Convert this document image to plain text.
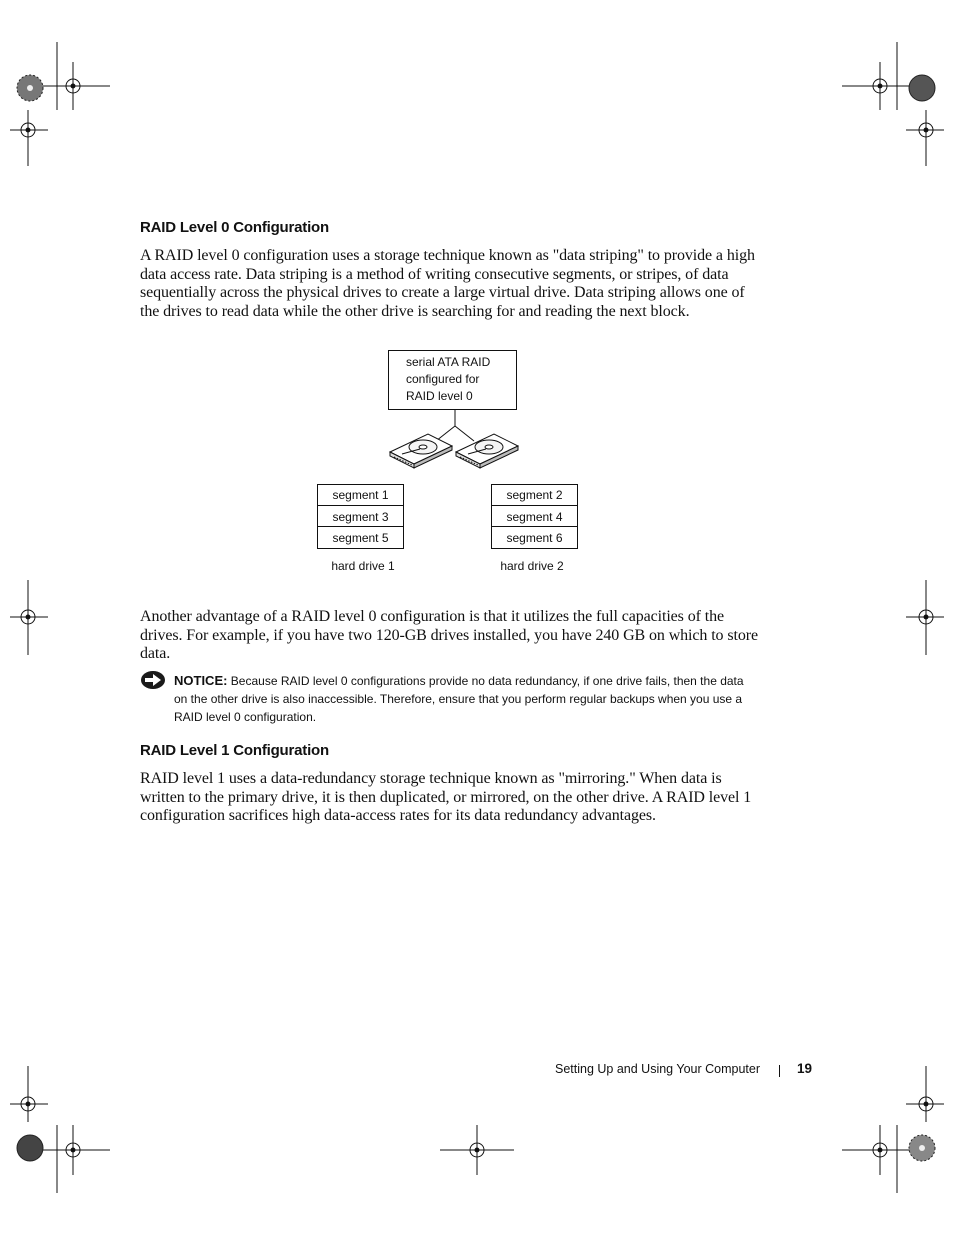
RAID Level 0 Configuration

A RAID level 0 configuration uses a storage technique known as "data striping" to provide a high data access rate. Data striping is a method of writing consecutive segments, or stripes, of data sequentially across the physical drives to create a large virtual drive. Data striping allows one of the drives to read data while the other drive is searching for and reading the next block.

serial ATA RAID
configured for
RAID level 0
segment 1
segment 3
segment 5
hard drive 1
segment 2
segment 4
segment 6
hard drive 2

Another advantage of a RAID level 0 configuration is that it utilizes the full capacities of the drives. For example, if you have two 120-GB drives installed, you have 240 GB on which to store data.

NOTICE: Because RAID level 0 configurations provide no data redundancy, if one drive fails, then the data on the other drive is also inaccessible. Therefore, ensure that you perform regular backups when you use a RAID level 0 configuration.

RAID Level 1 Configuration

RAID level 1 uses a data-redundancy storage technique known as "mirroring." When data is written to the primary drive, it is then duplicated, or mirrored, on the other drive. A RAID level 1 configuration sacrifices high data-access rates for its data redundancy advantages.

Setting Up and Using Your Computer	19
